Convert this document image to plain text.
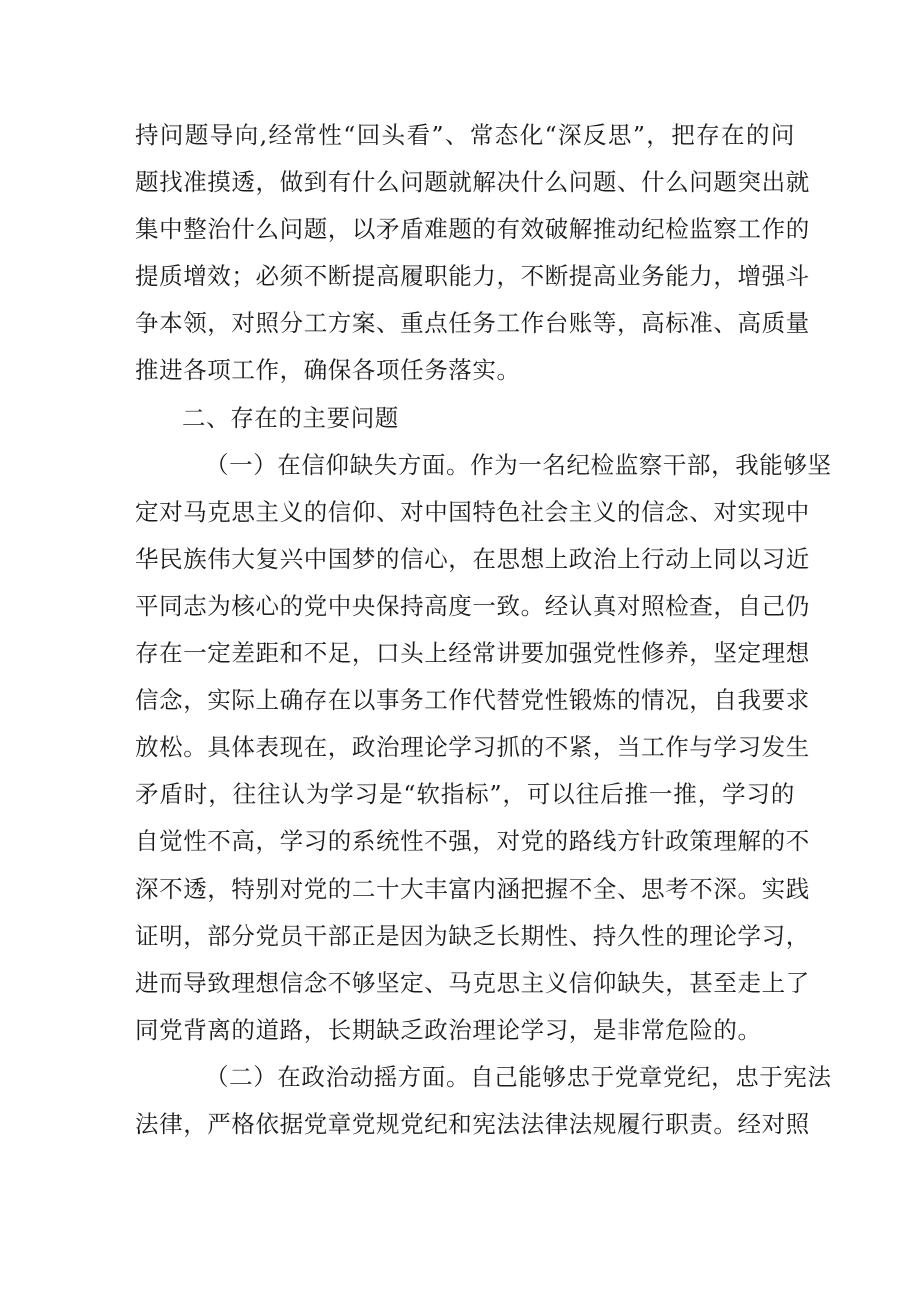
持问题导向,经常性“回头看”、常态化“深反思”，把存在的问
题找准摸透，做到有什么问题就解决什么问题、什么问题突出就
集中整治什么问题，以矛盾难题的有效破解推动纪检监察工作的
提质增效；必须不断提高履职能力，不断提高业务能力，增强斗
争本领，对照分工方案、重点任务工作台账等，高标准、高质量
推进各项工作，确保各项任务落实。
二、存在的主要问题
（一）在信仰缺失方面。作为一名纪检监察干部，我能够坚
定对马克思主义的信仰、对中国特色社会主义的信念、对实现中
华民族伟大复兴中国梦的信心，在思想上政治上行动上同以习近
平同志为核心的党中央保持高度一致。经认真对照检查，自己仍
存在一定差距和不足，口头上经常讲要加强党性修养，坚定理想
信念，实际上确存在以事务工作代替党性锻炼的情况，自我要求
放松。具体表现在，政治理论学习抓的不紧，当工作与学习发生
矛盾时，往往认为学习是“软指标”，可以往后推一推，学习的
自觉性不高，学习的系统性不强，对党的路线方针政策理解的不
深不透，特别对党的二十大丰富内涵把握不全、思考不深。实践
证明，部分党员干部正是因为缺乏长期性、持久性的理论学习，
进而导致理想信念不够坚定、马克思主义信仰缺失，甚至走上了
同党背离的道路，长期缺乏政治理论学习，是非常危险的。
（二）在政治动摇方面。自己能够忠于党章党纪，忠于宪法
法律，严格依据党章党规党纪和宪法法律法规履行职责。经对照
